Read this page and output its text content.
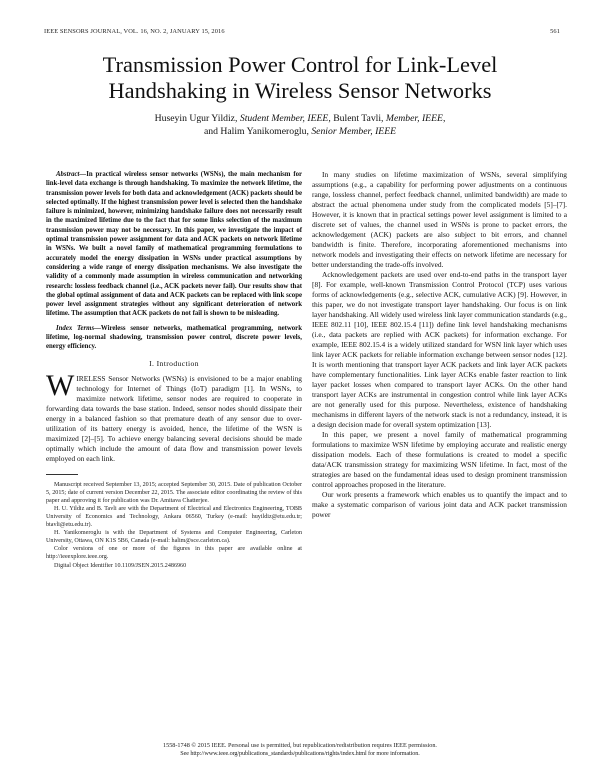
IEEE SENSORS JOURNAL, VOL. 16, NO. 2, JANUARY 15, 2016	561
Transmission Power Control for Link-Level
Handshaking in Wireless Sensor Networks
Huseyin Ugur Yildiz, Student Member, IEEE, Bulent Tavli, Member, IEEE,
and Halim Yanikomeroglu, Senior Member, IEEE

Abstract—In practical wireless sensor networks (WSNs), the main mechanism for link-level data exchange is through handshaking. To maximize the network lifetime, the transmission power levels for both data and acknowledgement (ACK) packets should be selected optimally. If the highest transmission power level is selected then the handshake failure is minimized, however, minimizing handshake failure does not necessarily result in the maximized lifetime due to the fact that for some links selection of the maximum transmission power may not be necessary. In this paper, we investigate the impact of optimal transmission power assignment for data and ACK packets on network lifetime in WSNs. We built a novel family of mathematical programming formulations to accurately model the energy dissipation in WSNs under practical assumptions by considering a wide range of energy dissipation mechanisms. We also investigate the validity of a commonly made assumption in wireless communication and networking research: lossless feedback channel (i.e., ACK packets never fail). Our results show that the global optimal assignment of data and ACK packets can be replaced with link scope power level assignment strategies without any significant deterioration of network lifetime. The assumption that ACK packets do not fail is shown to be misleading.

Index Terms—Wireless sensor networks, mathematical programming, network lifetime, log-normal shadowing, transmission power control, discrete power levels, energy efficiency.

I. Introduction

WIRELESS Sensor Networks (WSNs) is envisioned to be a major enabling technology for Internet of Things (IoT) paradigm [1]. In WSNs, to maximize network lifetime, sensor nodes are required to cooperate in forwarding data towards the base station. Indeed, sensor nodes should dissipate their energy in a balanced fashion so that premature death of any sensor due to over-utilization of its battery energy is avoided, hence, the lifetime of the WSN is maximized [2]–[5]. To achieve energy balancing several decisions should be made optimally which include the amount of data flow and transmission power levels employed on each link.

Manuscript received September 13, 2015; accepted September 30, 2015. Date of publication October 5, 2015; date of current version December 22, 2015. The associate editor coordinating the review of this paper and approving it for publication was Dr. Amitava Chatterjee.

H. U. Yildiz and B. Tavli are with the Department of Electrical and Electronics Engineering, TOBB University of Economics and Technology, Ankara 06560, Turkey (e-mail: huyildiz@etu.edu.tr; btavli@etu.edu.tr).

H. Yanikomeroglu is with the Department of Systems and Computer Engineering, Carleton University, Ottawa, ON K1S 5B6, Canada (e-mail: halim@sce.carleton.ca).

Color versions of one or more of the figures in this paper are available online at http://ieeexplore.ieee.org.

Digital Object Identifier 10.1109/JSEN.2015.2486960

In many studies on lifetime maximization of WSNs, several simplifying assumptions (e.g., a capability for performing power adjustments on a continuous range, lossless channel, perfect feedback channel, unlimited bandwidth) are made to abstract the actual phenomena under study from the complicated models [5]–[7]. However, it is known that in practical settings power level assignment is limited to a discrete set of values, the channel used in WSNs is prone to packet errors, the acknowledgement (ACK) packets are also subject to bit errors, and channel bandwidth is finite. Therefore, incorporating aforementioned mechanisms into network models and investigating their effects on network lifetime are necessary for better understanding the trade-offs involved.

Acknowledgement packets are used over end-to-end paths in the transport layer [8]. For example, well-known Transmission Control Protocol (TCP) uses various forms of acknowledgements (e.g., selective ACK, cumulative ACK) [9]. However, in this paper, we do not investigate transport layer handshaking. Our focus is on link layer handshaking. All widely used wireless link layer communication standards (e.g., IEEE 802.11 [10], IEEE 802.15.4 [11]) define link level handshaking mechanisms (i.e., data packets are replied with ACK packets) for information exchange. For example, IEEE 802.15.4 is a widely utilized standard for WSN link layer which uses link layer ACK packets for reliable information exchange between sensor nodes [12]. It is worth mentioning that transport layer ACK packets and link layer ACK packets have complementary functionalities. Link layer ACKs enable faster reaction to link layer packet losses when compared to transport layer ACKs. On the other hand transport layer ACKs are instrumental in congestion control while link layer ACKs are not generally used for this purpose. Nevertheless, existence of handshaking mechanisms in different layers of the network stack is not a redundancy, instead, it is a design decision made for overall system optimization [13].

In this paper, we present a novel family of mathematical programming formulations to maximize WSN lifetime by employing accurate and realistic energy dissipation models. Each of these formulations is created to model a specific data/ACK transmission strategy for maximizing WSN lifetime. In fact, most of the strategies are based on the fundamental ideas used to design prominent transmission control approaches proposed in the literature.

Our work presents a framework which enables us to quantify the impact and to make a systematic comparison of various joint data and ACK packet transmission power

1558-1748 © 2015 IEEE. Personal use is permitted, but republication/redistribution requires IEEE permission.
See http://www.ieee.org/publications_standards/publications/rights/index.html for more information.
